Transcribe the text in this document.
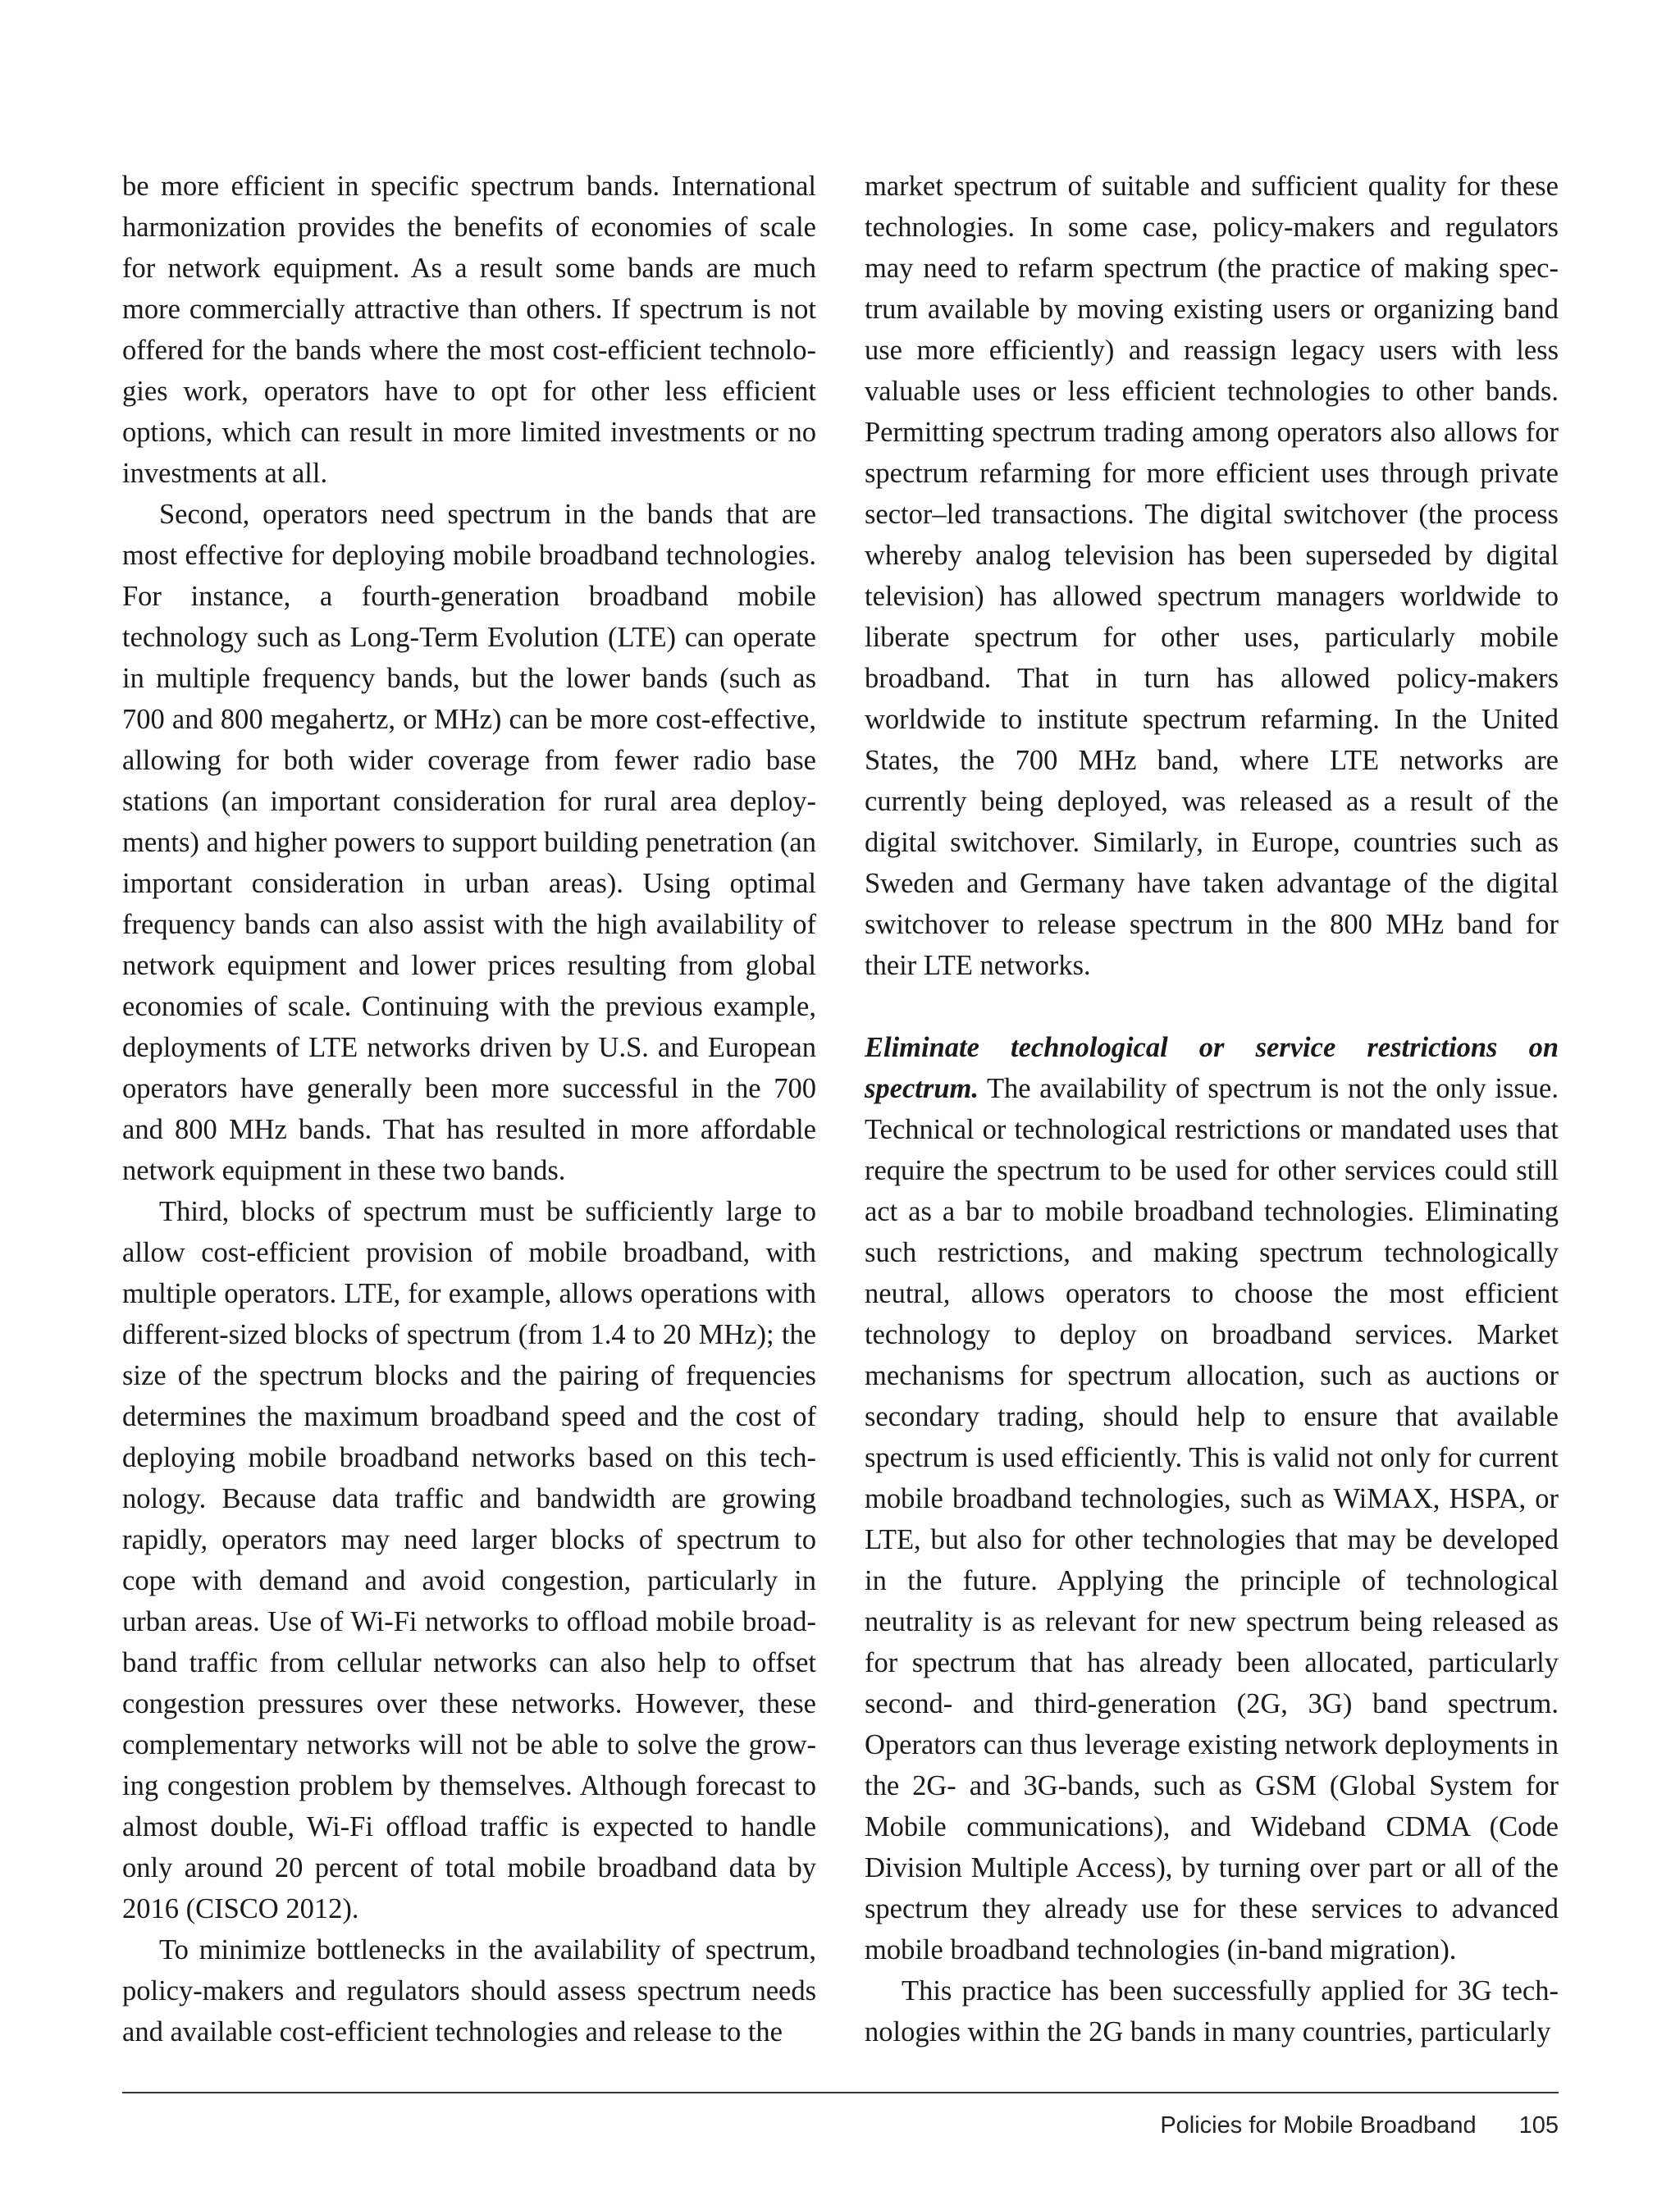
be more efficient in specific spectrum bands. International harmonization provides the benefits of economies of scale for network equipment. As a result some bands are much more commercially attractive than others. If spectrum is not offered for the bands where the most cost-efficient technologies work, operators have to opt for other less efficient options, which can result in more limited investments or no investments at all.

Second, operators need spectrum in the bands that are most effective for deploying mobile broadband technologies. For instance, a fourth-generation broadband mobile technology such as Long-Term Evolution (LTE) can operate in multiple frequency bands, but the lower bands (such as 700 and 800 megahertz, or MHz) can be more cost-effective, allowing for both wider coverage from fewer radio base stations (an important consideration for rural area deployments) and higher powers to support building penetration (an important consideration in urban areas). Using optimal frequency bands can also assist with the high availability of network equipment and lower prices resulting from global economies of scale. Continuing with the previous example, deployments of LTE networks driven by U.S. and European operators have generally been more successful in the 700 and 800 MHz bands. That has resulted in more affordable network equipment in these two bands.

Third, blocks of spectrum must be sufficiently large to allow cost-efficient provision of mobile broadband, with multiple operators. LTE, for example, allows operations with different-sized blocks of spectrum (from 1.4 to 20 MHz); the size of the spectrum blocks and the pairing of frequencies determines the maximum broadband speed and the cost of deploying mobile broadband networks based on this technology. Because data traffic and bandwidth are growing rapidly, operators may need larger blocks of spectrum to cope with demand and avoid congestion, particularly in urban areas. Use of Wi-Fi networks to offload mobile broadband traffic from cellular networks can also help to offset congestion pressures over these networks. However, these complementary networks will not be able to solve the growing congestion problem by themselves. Although forecast to almost double, Wi-Fi offload traffic is expected to handle only around 20 percent of total mobile broadband data by 2016 (CISCO 2012).

To minimize bottlenecks in the availability of spectrum, policy-makers and regulators should assess spectrum needs and available cost-efficient technologies and release to the

market spectrum of suitable and sufficient quality for these technologies. In some case, policy-makers and regulators may need to refarm spectrum (the practice of making spectrum available by moving existing users or organizing band use more efficiently) and reassign legacy users with less valuable uses or less efficient technologies to other bands. Permitting spectrum trading among operators also allows for spectrum refarming for more efficient uses through private sector–led transactions. The digital switchover (the process whereby analog television has been superseded by digital television) has allowed spectrum managers worldwide to liberate spectrum for other uses, particularly mobile broadband. That in turn has allowed policy-makers worldwide to institute spectrum refarming. In the United States, the 700 MHz band, where LTE networks are currently being deployed, was released as a result of the digital switchover. Similarly, in Europe, countries such as Sweden and Germany have taken advantage of the digital switchover to release spectrum in the 800 MHz band for their LTE networks.

Eliminate technological or service restrictions on spectrum. The availability of spectrum is not the only issue. Technical or technological restrictions or mandated uses that require the spectrum to be used for other services could still act as a bar to mobile broadband technologies. Eliminating such restrictions, and making spectrum technologically neutral, allows operators to choose the most efficient technology to deploy on broadband services. Market mechanisms for spectrum allocation, such as auctions or secondary trading, should help to ensure that available spectrum is used efficiently. This is valid not only for current mobile broadband technologies, such as WiMAX, HSPA, or LTE, but also for other technologies that may be developed in the future. Applying the principle of technological neutrality is as relevant for new spectrum being released as for spectrum that has already been allocated, particularly second- and third-generation (2G, 3G) band spectrum. Operators can thus leverage existing network deployments in the 2G- and 3G-bands, such as GSM (Global System for Mobile communications), and Wideband CDMA (Code Division Multiple Access), by turning over part or all of the spectrum they already use for these services to advanced mobile broadband technologies (in-band migration).

This practice has been successfully applied for 3G technologies within the 2G bands in many countries, particularly

Policies for Mobile Broadband 105
